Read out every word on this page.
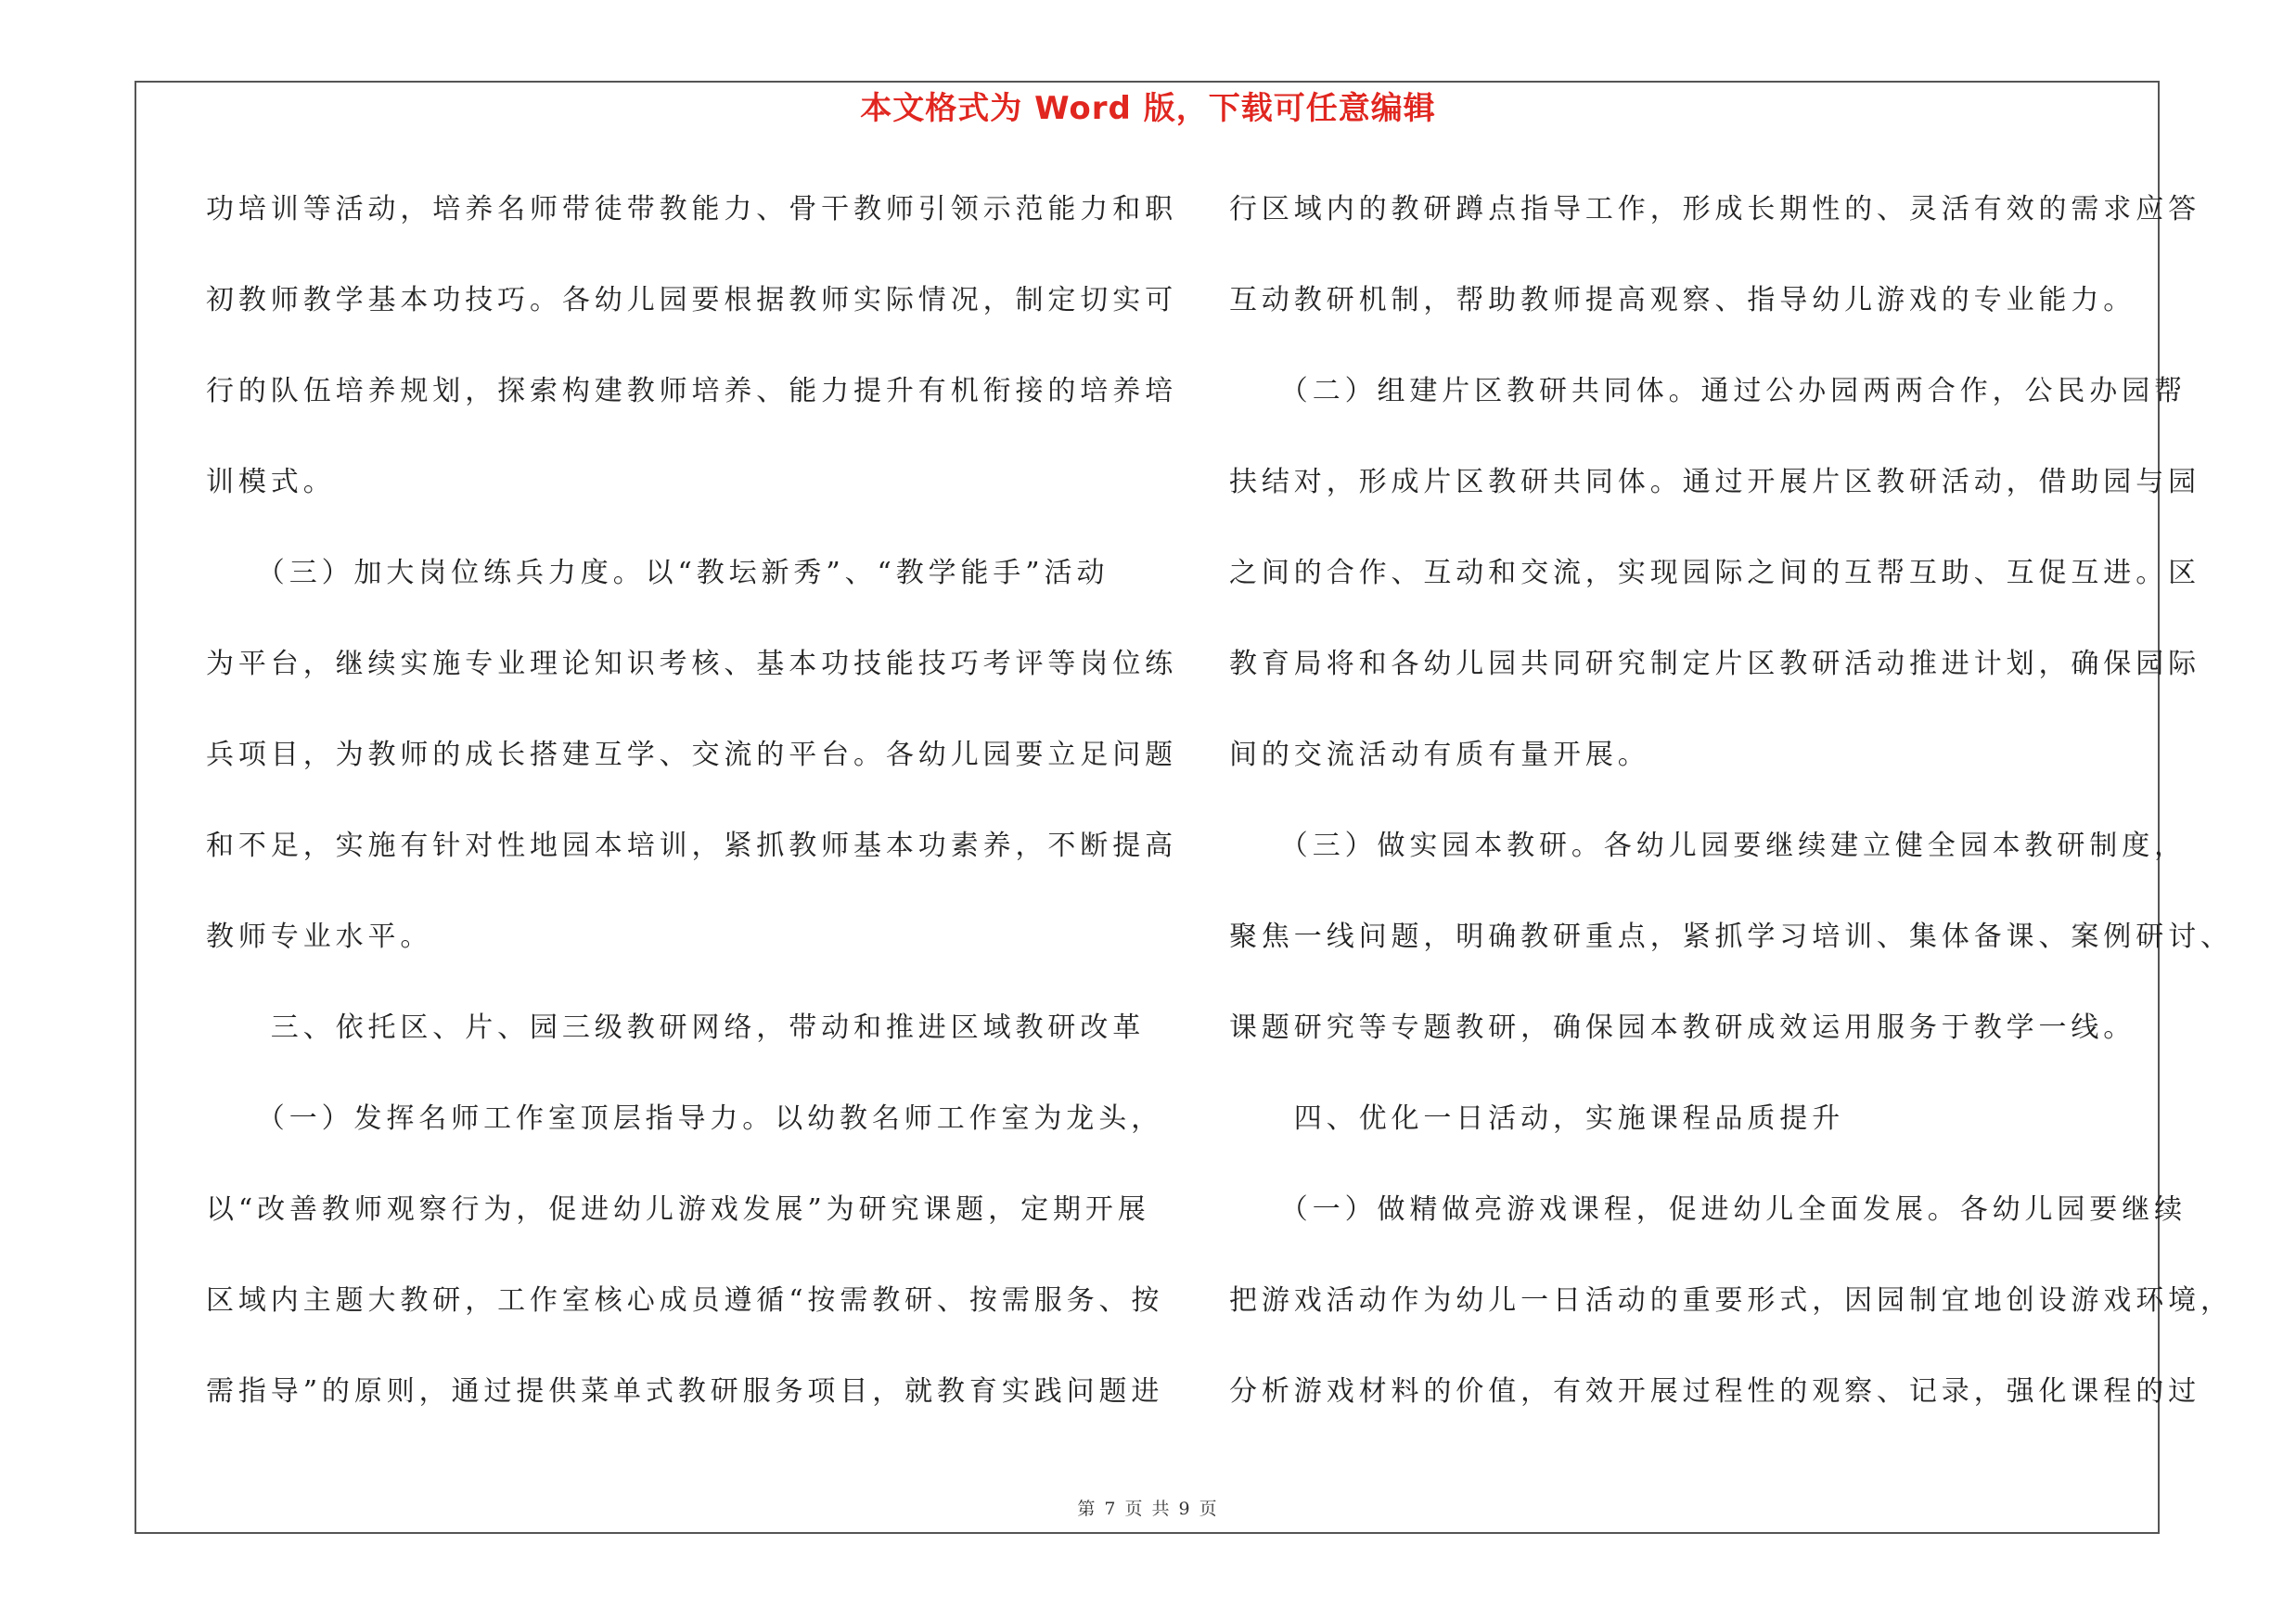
本文格式为 Word 版，下载可任意编辑
功培训等活动，培养名师带徒带教能力、骨干教师引领示范能力和职
初教师教学基本功技巧。各幼儿园要根据教师实际情况，制定切实可
行的队伍培养规划，探索构建教师培养、能力提升有机衔接的培养培
训模式。
　　（三）加大岗位练兵力度。以“教坛新秀”、“教学能手”活动
为平台，继续实施专业理论知识考核、基本功技能技巧考评等岗位练
兵项目，为教师的成长搭建互学、交流的平台。各幼儿园要立足问题
和不足，实施有针对性地园本培训，紧抓教师基本功素养，不断提高
教师专业水平。
　　三、依托区、片、园三级教研网络，带动和推进区域教研改革
　　（一）发挥名师工作室顶层指导力。以幼教名师工作室为龙头，
以“改善教师观察行为，促进幼儿游戏发展”为研究课题，定期开展
区域内主题大教研，工作室核心成员遵循“按需教研、按需服务、按
需指导”的原则，通过提供菜单式教研服务项目，就教育实践问题进
行区域内的教研蹲点指导工作，形成长期性的、灵活有效的需求应答
互动教研机制，帮助教师提高观察、指导幼儿游戏的专业能力。
　　（二）组建片区教研共同体。通过公办园两两合作，公民办园帮
扶结对，形成片区教研共同体。通过开展片区教研活动，借助园与园
之间的合作、互动和交流，实现园际之间的互帮互助、互促互进。区
教育局将和各幼儿园共同研究制定片区教研活动推进计划，确保园际
间的交流活动有质有量开展。
　　（三）做实园本教研。各幼儿园要继续建立健全园本教研制度，
聚焦一线问题，明确教研重点，紧抓学习培训、集体备课、案例研讨、
课题研究等专题教研，确保园本教研成效运用服务于教学一线。
　　四、优化一日活动，实施课程品质提升
　　（一）做精做亮游戏课程，促进幼儿全面发展。各幼儿园要继续
把游戏活动作为幼儿一日活动的重要形式，因园制宜地创设游戏环境，
分析游戏材料的价值，有效开展过程性的观察、记录，强化课程的过
第 7 页 共 9 页
